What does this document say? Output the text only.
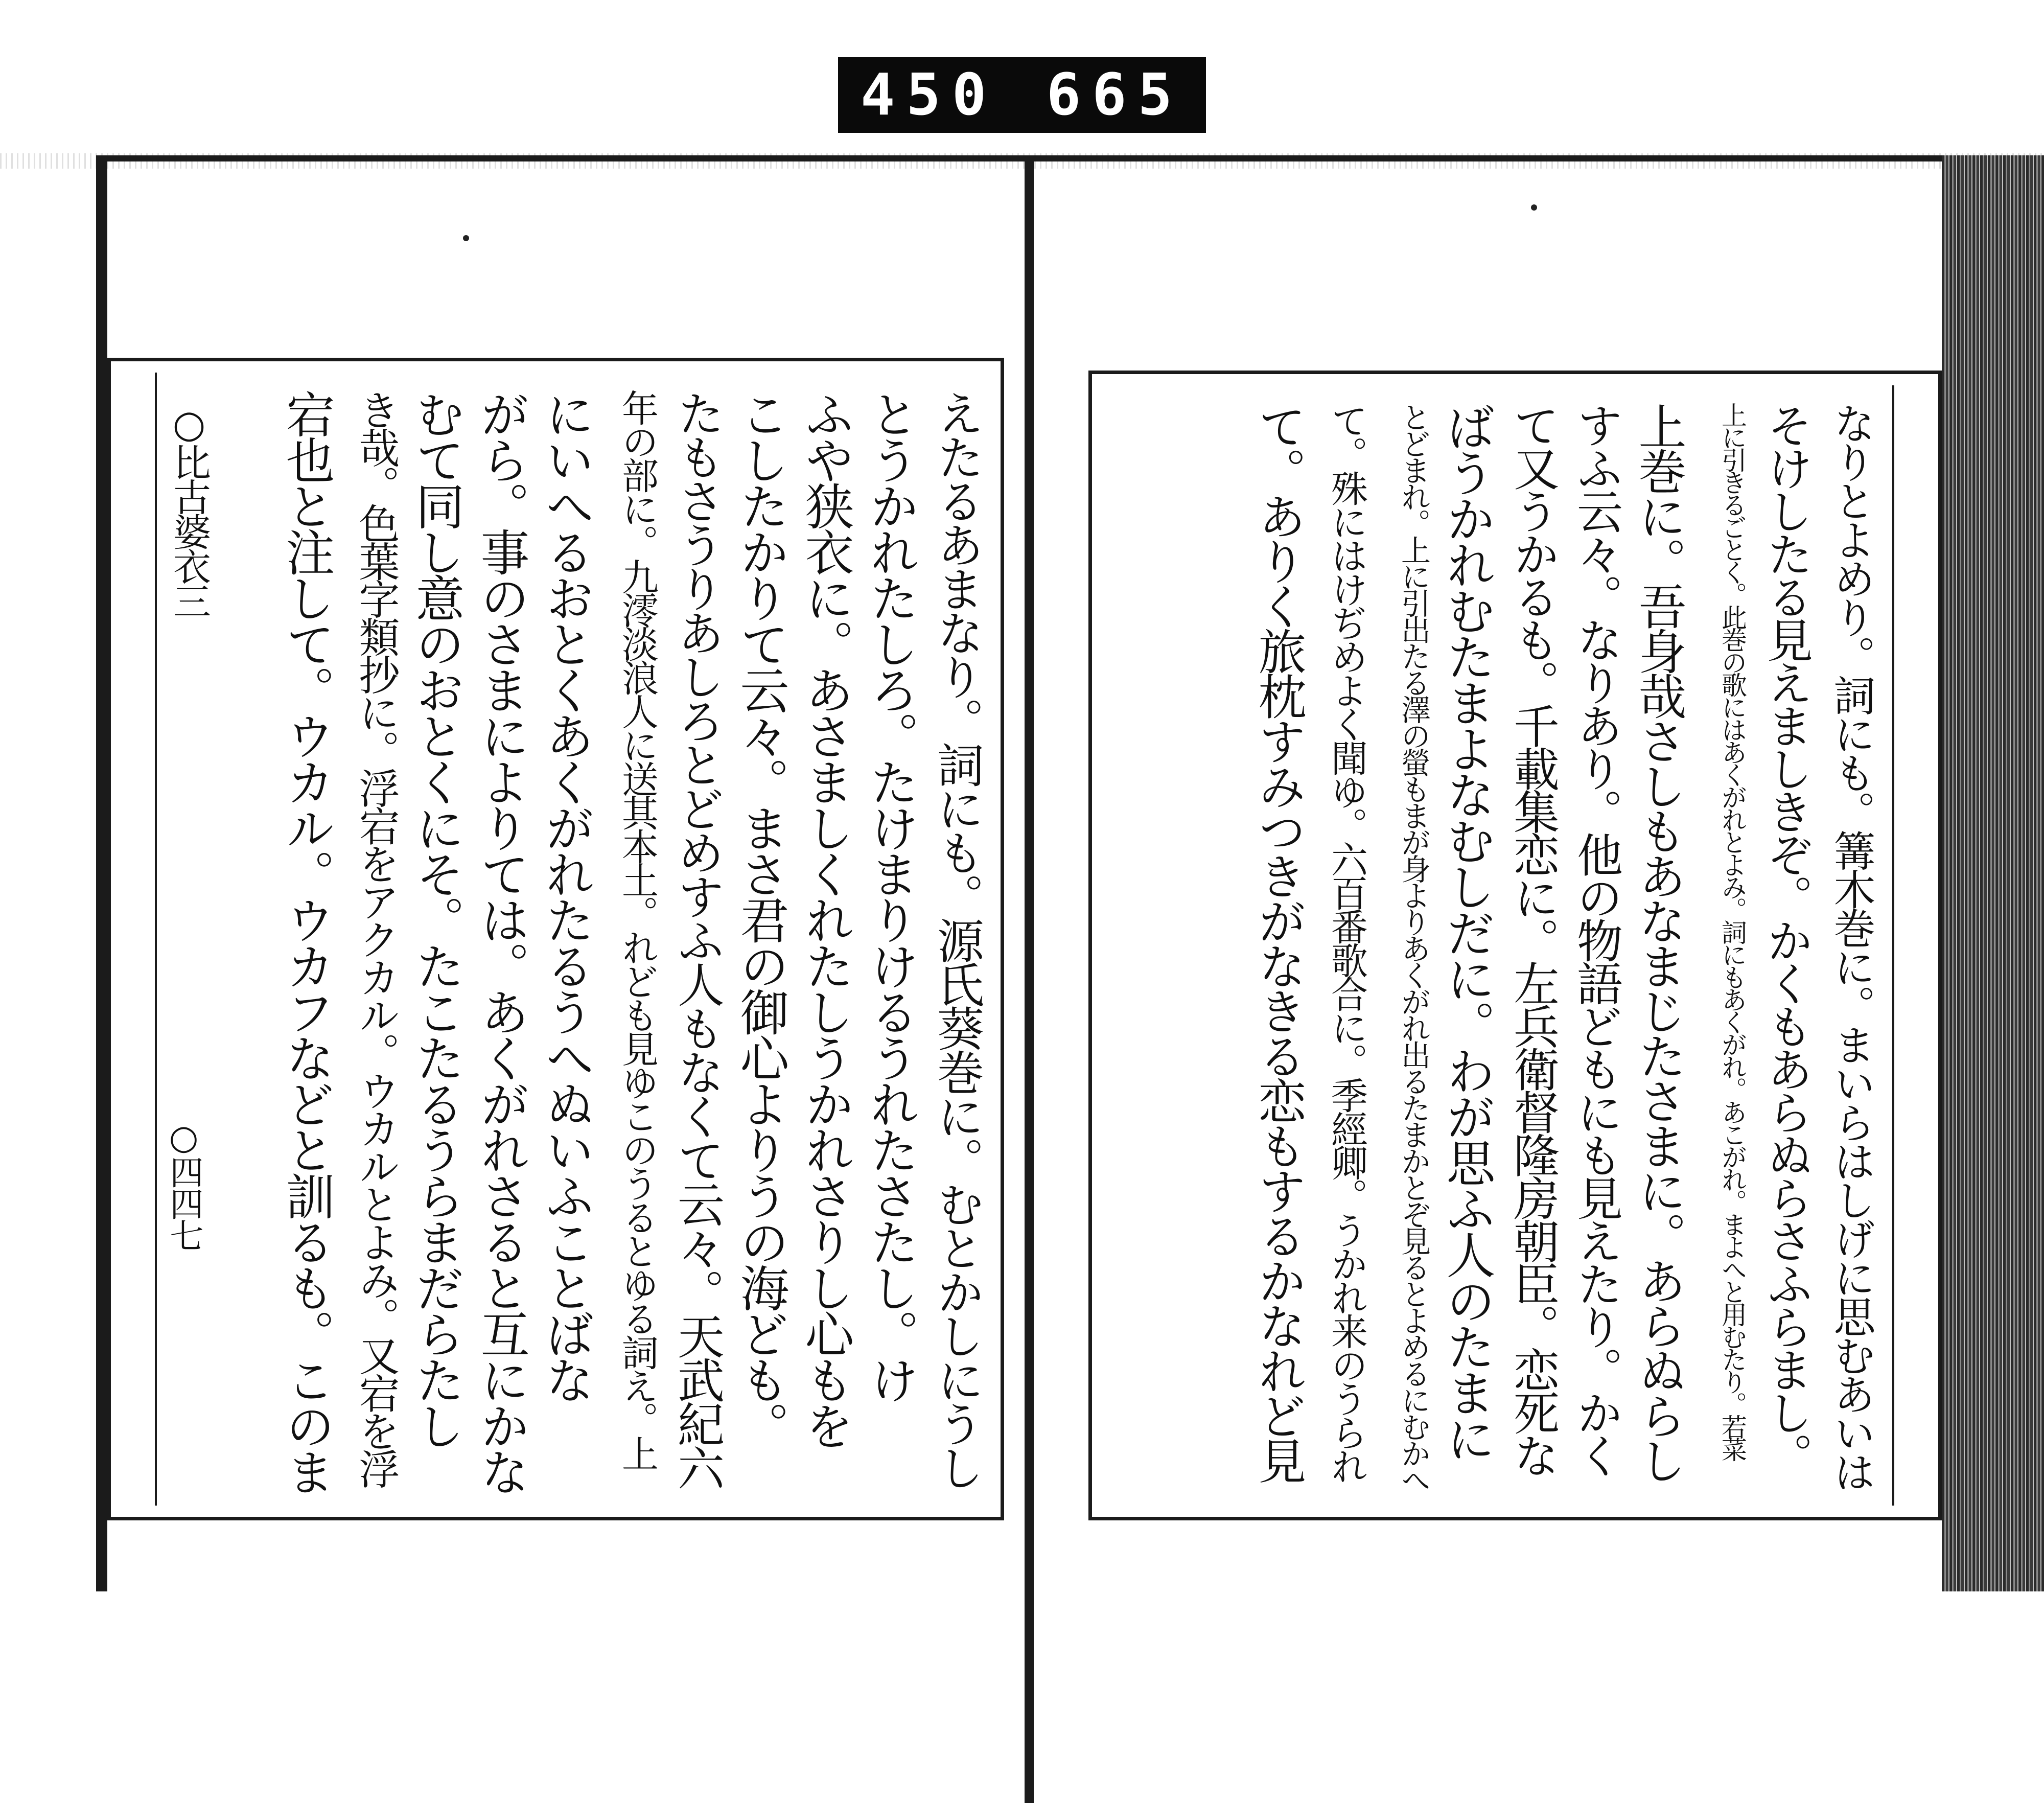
450 665
○比古婆衣三
○四四七	えたるあまなり。詞にも。源氏葵巻に。むとかしにうし
とうかれたしろ。たけまりけるうれたさたし。け
ふや狭衣に。あさましくれたしうかれさりし心もを
こしたかりて云々。まさ君の御心よりうの海ども。
たもさうりあしろとどめすふ人もなくて云々。天武紀六
年の部に。九澪淡浪人に送其本土。れども見ゆこのうるとゆる詞え。上
にいへるおとくあくがれたるうへぬいふことばな
がら。事のさまによりては。あくがれさると互にかな
むて同し意のおとくにそ。たこたるうらまだらたし
き哉。色葉字類抄に。浮宕をアクカル。ウカルとよみ。又宕を浮
宕也と注して。ウカル。ウカフなどと訓るも。このま	なりとよめり。詞にも。篝木巻に。まいらはしげに思むあいは
そけしたる見えましきぞ。かくもあらぬらさふらまし。
上に引きるごとく。此巻の歌にはあくがれとよみ。詞にもあくがれ。あこがれ。まよへと用むたり。若菜
上巻に。吾身哉さしもあなまじたさまに。あらぬらし
すふ云々。なりあり。他の物語どもにも見えたり。かく
て又うかるも。千載集恋に。左兵衛督隆房朝臣。恋死な
ばうかれむたまよなむしだに。わが思ふ人のたまに
とどまれ。上に引出たる澤の螢もまが身よりあくがれ出るたまかとぞ見るとよめるにむかへ
て。殊にはけぢめよく聞ゆ。六百番歌合に。季經卿。うかれ来のうられ
て。ありく旅枕すみつきがなきる恋もするかなれど見
